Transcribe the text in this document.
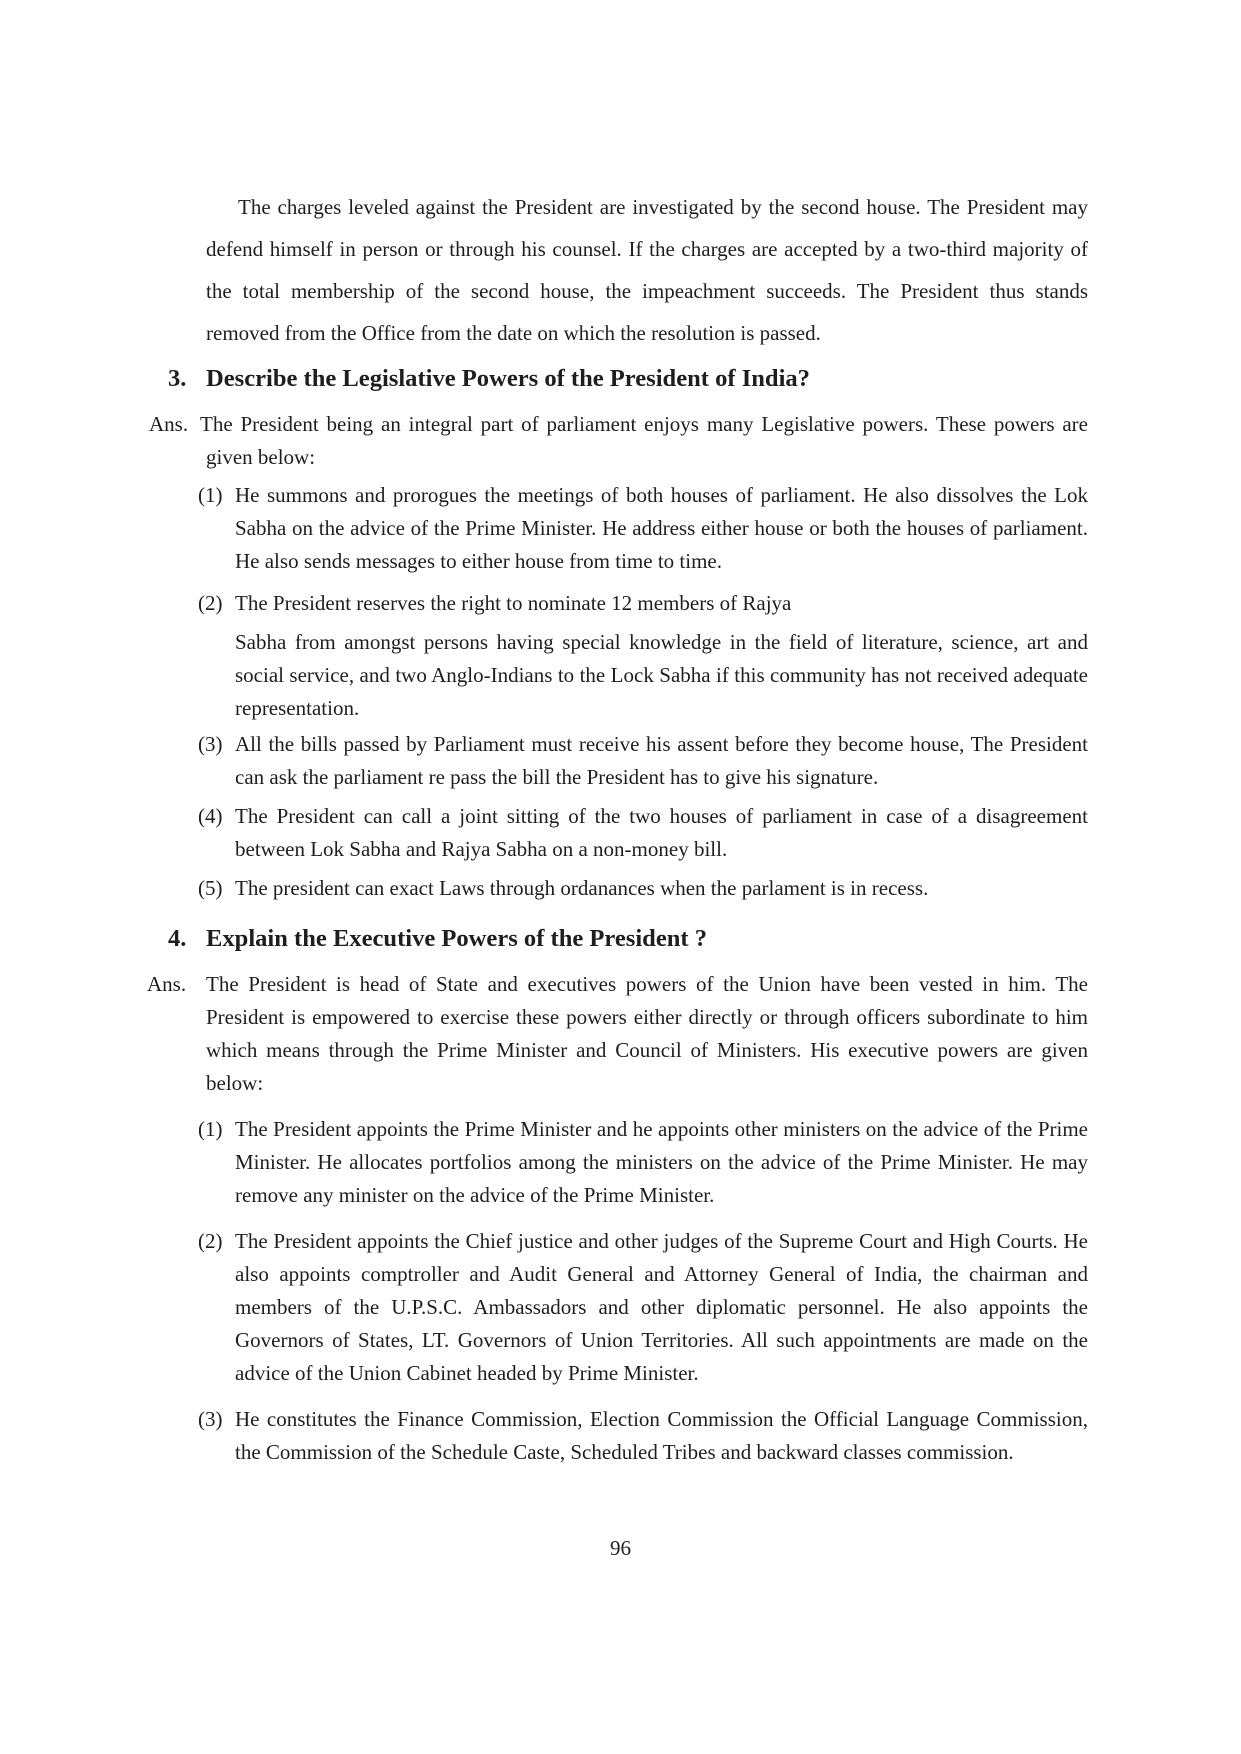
The charges leveled against the President are investigated by the second house. The President may defend himself in person or through his counsel. If the charges are accepted by a two-third majority of the total membership of the second house, the impeachment succeeds. The President thus stands removed from the Office from the date on which the resolution is passed.

3. Describe the Legislative Powers of the President of India?

Ans. The President being an integral part of parliament enjoys many Legislative powers. These powers are given below:

(1) He summons and prorogues the meetings of both houses of parliament. He also dissolves the Lok Sabha on the advice of the Prime Minister. He address either house or both the houses of parliament. He also sends messages to either house from time to time.

(2) The President reserves the right to nominate 12 members of Rajya
Sabha from amongst persons having special knowledge in the field of literature, science, art and social service, and two Anglo-Indians to the Lock Sabha if this community has not received adequate representation.

(3) All the bills passed by Parliament must receive his assent before they become house, The President can ask the parliament re pass the bill the President has to give his signature.

(4) The President can call a joint sitting of the two houses of parliament in case of a disagreement between Lok Sabha and Rajya Sabha on a non-money bill.

(5) The president can exact Laws through ordanances when the parlament is in recess.

4. Explain the Executive Powers of the President ?

Ans. The President is head of State and executives powers of the Union have been vested in him. The President is empowered to exercise these powers either directly or through officers subordinate to him which means through the Prime Minister and Council of Ministers. His executive powers are given below:

(1) The President appoints the Prime Minister and he appoints other ministers on the advice of the Prime Minister. He allocates portfolios among the ministers on the advice of the Prime Minister. He may remove any minister on the advice of the Prime Minister.

(2) The President appoints the Chief justice and other judges of the Supreme Court and High Courts. He also appoints comptroller and Audit General and Attorney General of India, the chairman and members of the U.P.S.C. Ambassadors and other diplomatic personnel. He also appoints the Governors of States, LT. Governors of Union Territories. All such appointments are made on the advice of the Union Cabinet headed by Prime Minister.

(3) He constitutes the Finance Commission, Election Commission the Official Language Commission, the Commission of the Schedule Caste, Scheduled Tribes and backward classes commission.

96
